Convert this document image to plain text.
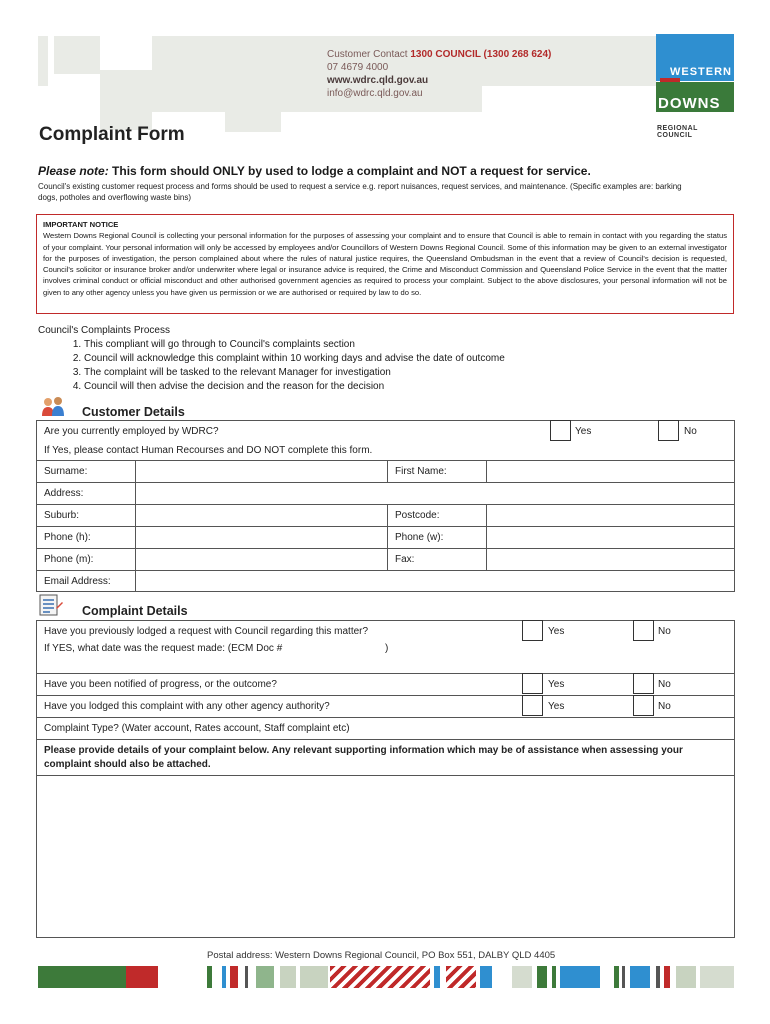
Customer Contact 1300 COUNCIL (1300 268 624)
07 4679 4000
www.wdrc.qld.gov.au
info@wdrc.qld.gov.au
WESTERN
DOWNS
REGIONAL COUNCIL
Complaint Form
Please note: This form should ONLY by used to lodge a complaint and NOT a request for service.
Council's existing customer request process and forms should be used to request a service e.g. report nuisances, request services, and maintenance. (Specific examples are: barking
dogs, potholes and overflowing waste bins)
IMPORTANT NOTICE
Western Downs Regional Council is collecting your personal information for the purposes of assessing your complaint and to ensure that Council is able to remain in contact with you regarding the status of your complaint. Your personal information will only be accessed by employees and/or Councillors of Western Downs Regional Council. Some of this information may be given to an external investigator for the purposes of investigation, the person complained about where the rules of natural justice requires, the Queensland Ombudsman in the event that a review of Council's decision is requested, Council's solicitor or insurance broker and/or underwriter where legal or insurance advice is required, the Crime and Misconduct Commission and Queensland Police Service in the event that the matter involves criminal conduct or official misconduct and other authorised government agencies as required to process your complaint. Subject to the above disclosures, your personal information will not be given to any other agency unless you have given us permission or we are authorised or required by law to do so.
Council's Complaints Process
1. This compliant will go through to Council's complaints section
2. Council will acknowledge this complaint within 10 working days and advise the date of outcome
3. The complaint will be tasked to the relevant Manager for investigation
4. Council will then advise the decision and the reason for the decision
Customer Details
Are you currently employed by WDRC?	Yes	No
If Yes, please contact Human Recourses and DO NOT complete this form.
Surname:	First Name:
Address:
Suburb:	Postcode:
Phone (h):	Phone (w):
Phone (m):	Fax:
Email Address:
Complaint Details
Have you previously lodged a request with Council regarding this matter?	Yes	No
If YES, what date was the request made: (ECM Doc #	)
Have you been notified of progress, or the outcome?	Yes	No
Have you lodged this complaint with any other agency authority?	Yes	No
Complaint Type? (Water account, Rates account, Staff complaint etc)
Please provide details of your complaint below. Any relevant supporting information which may be of assistance when assessing your
complaint should also be attached.
Postal address: Western Downs Regional Council, PO Box 551, DALBY QLD 4405
